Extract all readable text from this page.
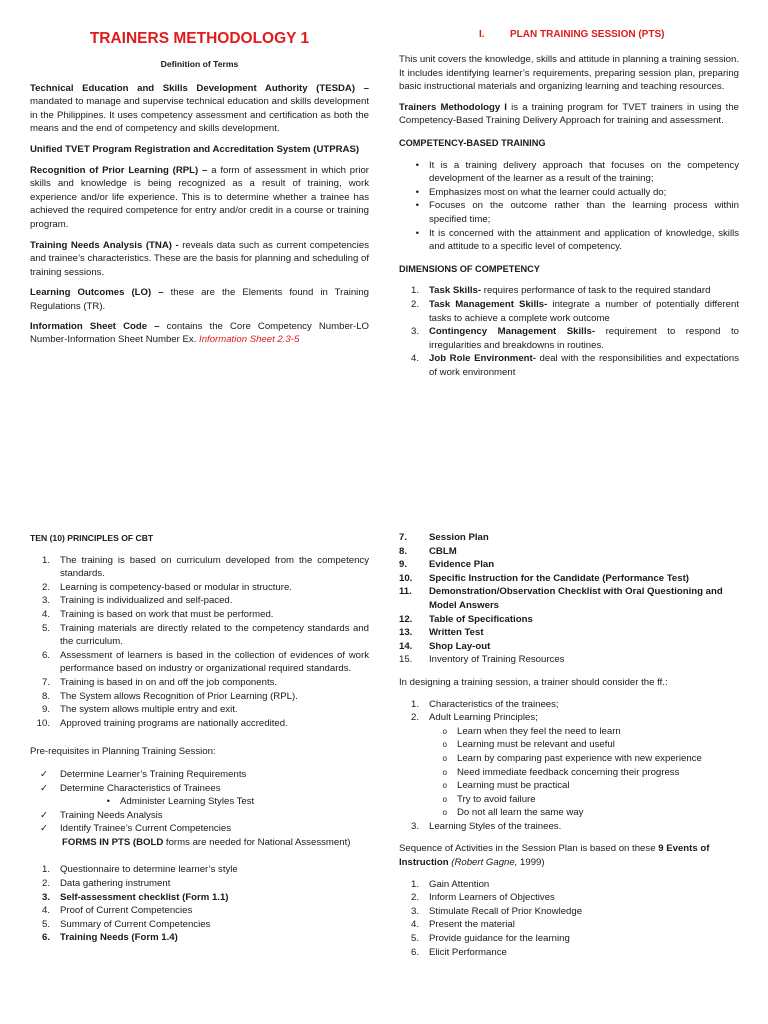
TRAINERS METHODOLOGY 1
Definition of Terms

Technical Education and Skills Development Authority (TESDA) – mandated to manage and supervise technical education and skills development in the Philippines. It uses competency assessment and certification as both the means and the end of competency and skills development.

Unified TVET Program Registration and Accreditation System (UTPRAS)

Recognition of Prior Learning (RPL) – a form of assessment in which prior skills and knowledge is being recognized as a result of training, work experience and/or life experience. This is to determine whether a trainee has achieved the required competence for entry and/or credit in a course or training program.

Training Needs Analysis (TNA) - reveals data such as current competencies and trainee’s characteristics. These are the basis for planning and scheduling of training sessions.

Learning Outcomes (LO) – these are the Elements found in Training Regulations (TR).

Information Sheet Code – contains the Core Competency Number-LO Number-Information Sheet Number Ex. Information Sheet 2.3-5

I.	PLAN TRAINING SESSION (PTS)

This unit covers the knowledge, skills and attitude in planning a training session. It includes identifying learner’s requirements, preparing session plan, preparing basic instructional materials and organizing learning and teaching resources.

Trainers Methodology I is a training program for TVET trainers in using the Competency-Based Training Delivery Approach for training and assessment.

COMPETENCY-BASED TRAINING
• It is a training delivery approach that focuses on the competency development of the learner as a result of the training;
• Emphasizes most on what the learner could actually do;
• Focuses on the outcome rather than the learning process within specified time;
• It is concerned with the attainment and application of knowledge, skills and attitude to a specific level of competency.
DIMENSIONS OF COMPETENCY
1. Task Skills- requires performance of task to the required standard
2. Task Management Skills- integrate a number of potentially different tasks to achieve a complete work outcome
3. Contingency Management Skills- requirement to respond to irregularities and breakdowns in routines.
4. Job Role Environment- deal with the responsibilities and expectations of work environment
TEN (10) PRINCIPLES OF CBT
1. The training is based on curriculum developed from the competency standards.
2. Learning is competency-based or modular in structure.
3. Training is individualized and self-paced.
4. Training is based on work that must be performed.
5. Training materials are directly related to the competency standards and the curriculum.
6. Assessment of learners is based in the collection of evidences of work performance based on industry or organizational required standards.
7. Training is based in on and off the job components.
8. The System allows Recognition of Prior Learning (RPL).
9. The system allows multiple entry and exit.
10. Approved training programs are nationally accredited.
Pre-requisites in Planning Training Session:
✓ Determine Learner’s Training Requirements
✓ Determine Characteristics of Trainees
• Administer Learning Styles Test
✓ Training Needs Analysis
✓ Identify Trainee’s Current Competencies
FORMS IN PTS (BOLD forms are needed for National Assessment)
1. Questionnaire to determine learner’s style
2. Data gathering instrument
3. Self-assessment checklist (Form 1.1)
4. Proof of Current Competencies
5. Summary of Current Competencies
6. Training Needs (Form 1.4)
7.	Session Plan
8.	CBLM
9.	Evidence Plan
10.	Specific Instruction for the Candidate (Performance Test)
11.	Demonstration/Observation Checklist with Oral Questioning and Model Answers
12.	Table of Specifications
13.	Written Test
14.	Shop Lay-out
15.	Inventory of Training Resources
In designing a training session, a trainer should consider the ff.:
1. Characteristics of the trainees;
2. Adult Learning Principles;
o Learn when they feel the need to learn
o Learning must be relevant and useful
o Learn by comparing past experience with new experience
o Need immediate feedback concerning their progress
o Learning must be practical
o Try to avoid failure
o Do not all learn the same way
3. Learning Styles of the trainees.

Sequence of Activities in the Session Plan is based on these 9 Events of Instruction (Robert Gagne, 1999)

1. Gain Attention
2. Inform Learners of Objectives
3. Stimulate Recall of Prior Knowledge
4. Present the material
5. Provide guidance for the learning
6. Elicit Performance
